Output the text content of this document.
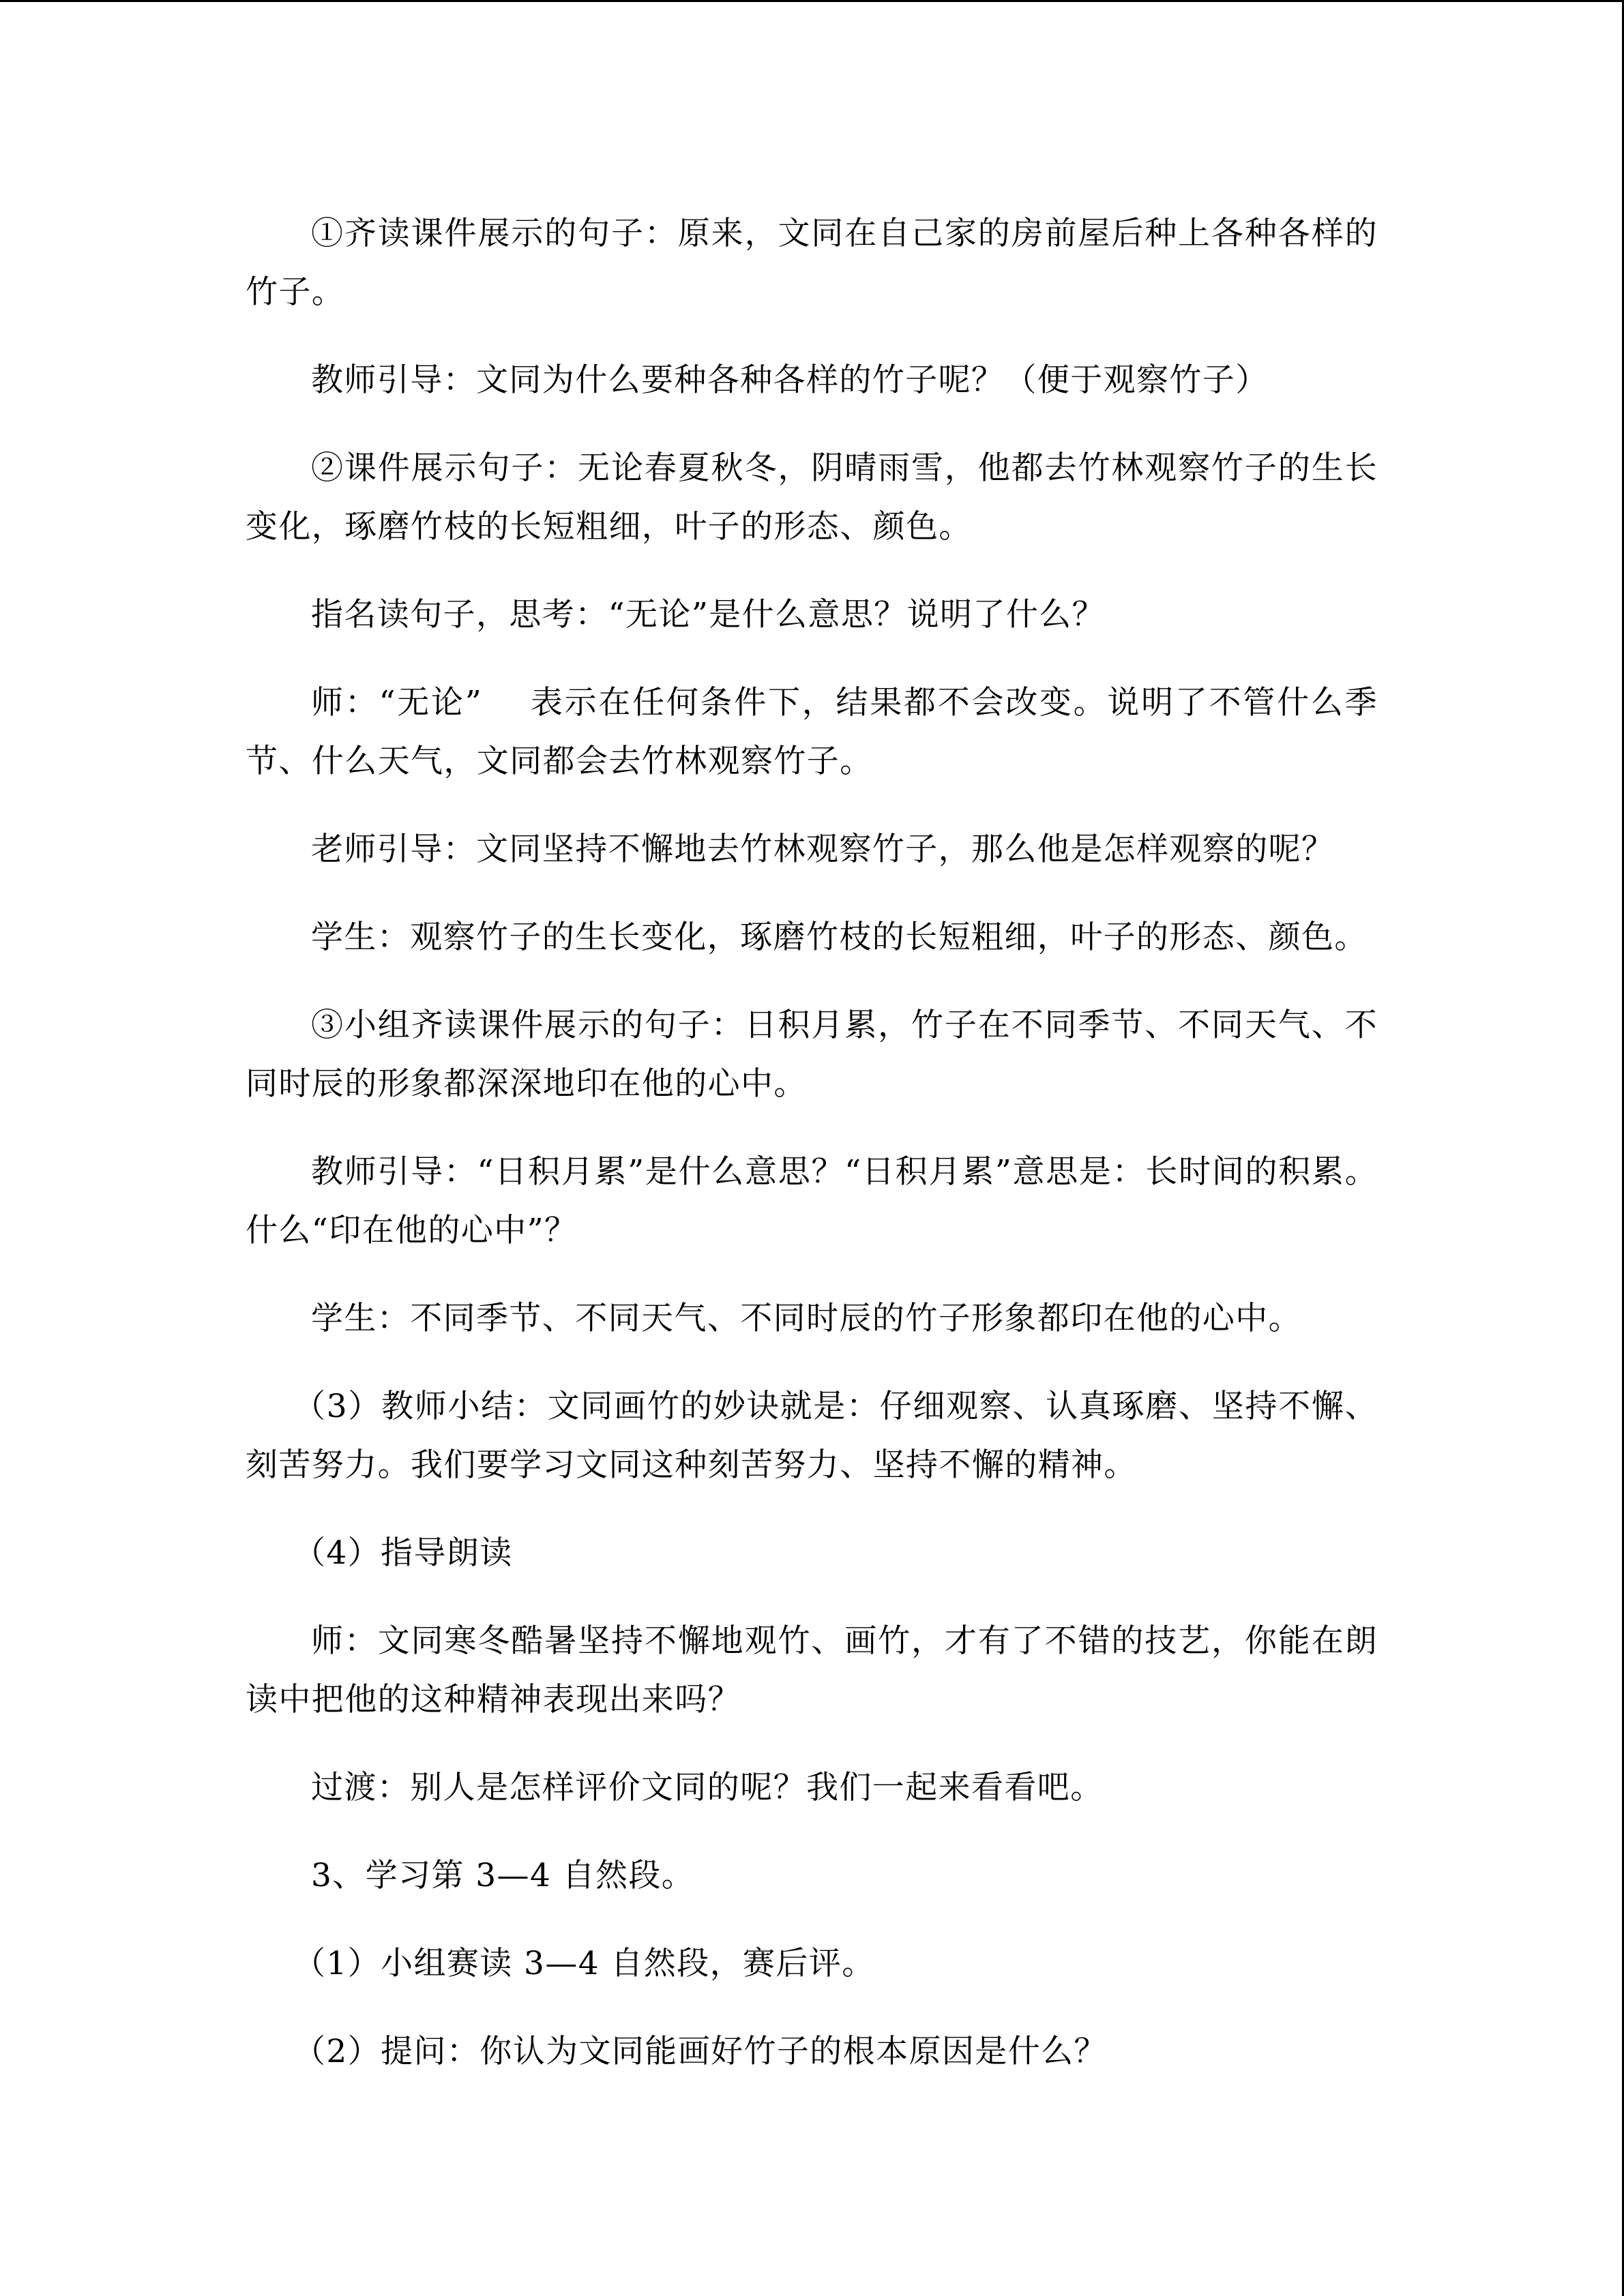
①齐读课件展示的句子：原来，文同在自己家的房前屋后种上各种各样的竹子。

教师引导：文同为什么要种各种各样的竹子呢？（便于观察竹子）

②课件展示句子：无论春夏秋冬，阴晴雨雪，他都去竹林观察竹子的生长变化，琢磨竹枝的长短粗细，叶子的形态、颜色。

指名读句子，思考：“无论”是什么意思？说明了什么？

师：“无论”    表示在任何条件下，结果都不会改变。说明了不管什么季节、什么天气，文同都会去竹林观察竹子。

老师引导：文同坚持不懈地去竹林观察竹子，那么他是怎样观察的呢？

学生：观察竹子的生长变化，琢磨竹枝的长短粗细，叶子的形态、颜色。

③小组齐读课件展示的句子：日积月累，竹子在不同季节、不同天气、不同时辰的形象都深深地印在他的心中。

教师引导：“日积月累”是什么意思？“日积月累”意思是：长时间的积累。什么“印在他的心中”？

学生：不同季节、不同天气、不同时辰的竹子形象都印在他的心中。

（3）教师小结：文同画竹的妙诀就是：仔细观察、认真琢磨、坚持不懈、刻苦努力。我们要学习文同这种刻苦努力、坚持不懈的精神。

（4）指导朗读

师：文同寒冬酷暑坚持不懈地观竹、画竹，才有了不错的技艺，你能在朗读中把他的这种精神表现出来吗？

过渡：别人是怎样评价文同的呢？我们一起来看看吧。

3、学习第 3—4 自然段。

（1）小组赛读 3—4 自然段，赛后评。

（2）提问：你认为文同能画好竹子的根本原因是什么？
